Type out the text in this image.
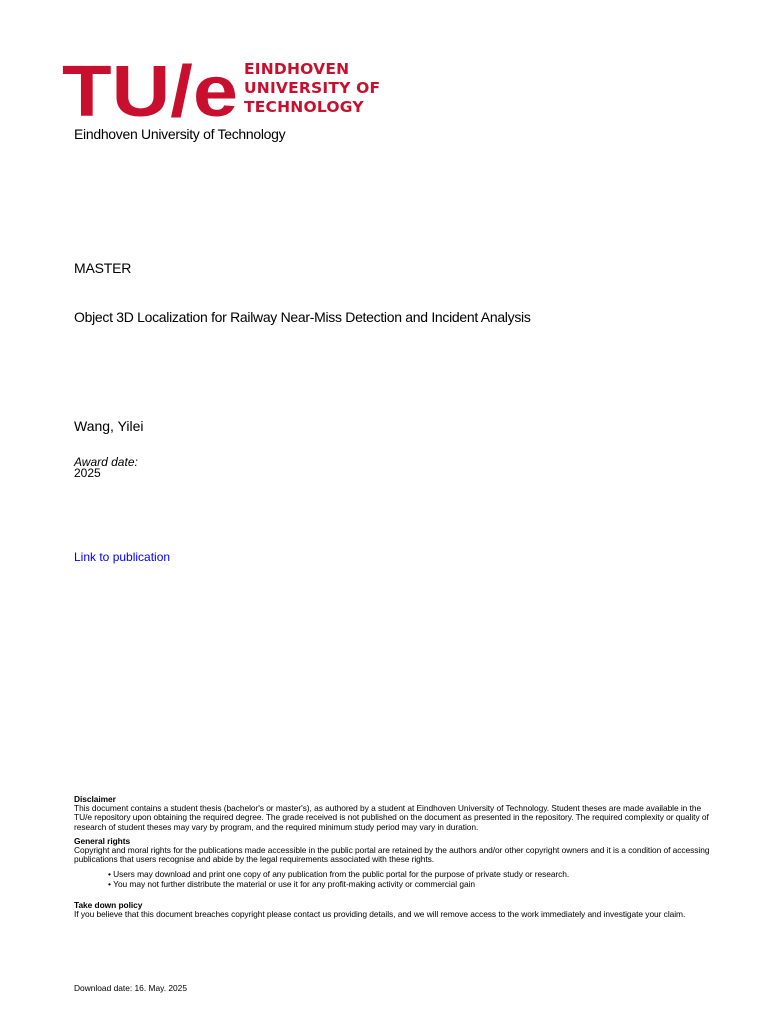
TU/e EINDHOVEN
UNIVERSITY OF
TECHNOLOGY
Eindhoven University of Technology
MASTER
Object 3D Localization for Railway Near-Miss Detection and Incident Analysis
Wang, Yilei
Award date:
2025
Link to publication
Disclaimer

This document contains a student thesis (bachelor's or master's), as authored by a student at Eindhoven University of Technology. Student theses are made available in the TU/e repository upon obtaining the required degree. The grade received is not published on the document as presented in the repository. The required complexity or quality of research of student theses may vary by program, and the required minimum study period may vary in duration.

General rights

Copyright and moral rights for the publications made accessible in the public portal are retained by the authors and/or other copyright owners and it is a condition of accessing publications that users recognise and abide by the legal requirements associated with these rights.

• Users may download and print one copy of any publication from the public portal for the purpose of private study or research.
• You may not further distribute the material or use it for any profit-making activity or commercial gain
Take down policy

If you believe that this document breaches copyright please contact us providing details, and we will remove access to the work immediately and investigate your claim.

Download date: 16. May. 2025
